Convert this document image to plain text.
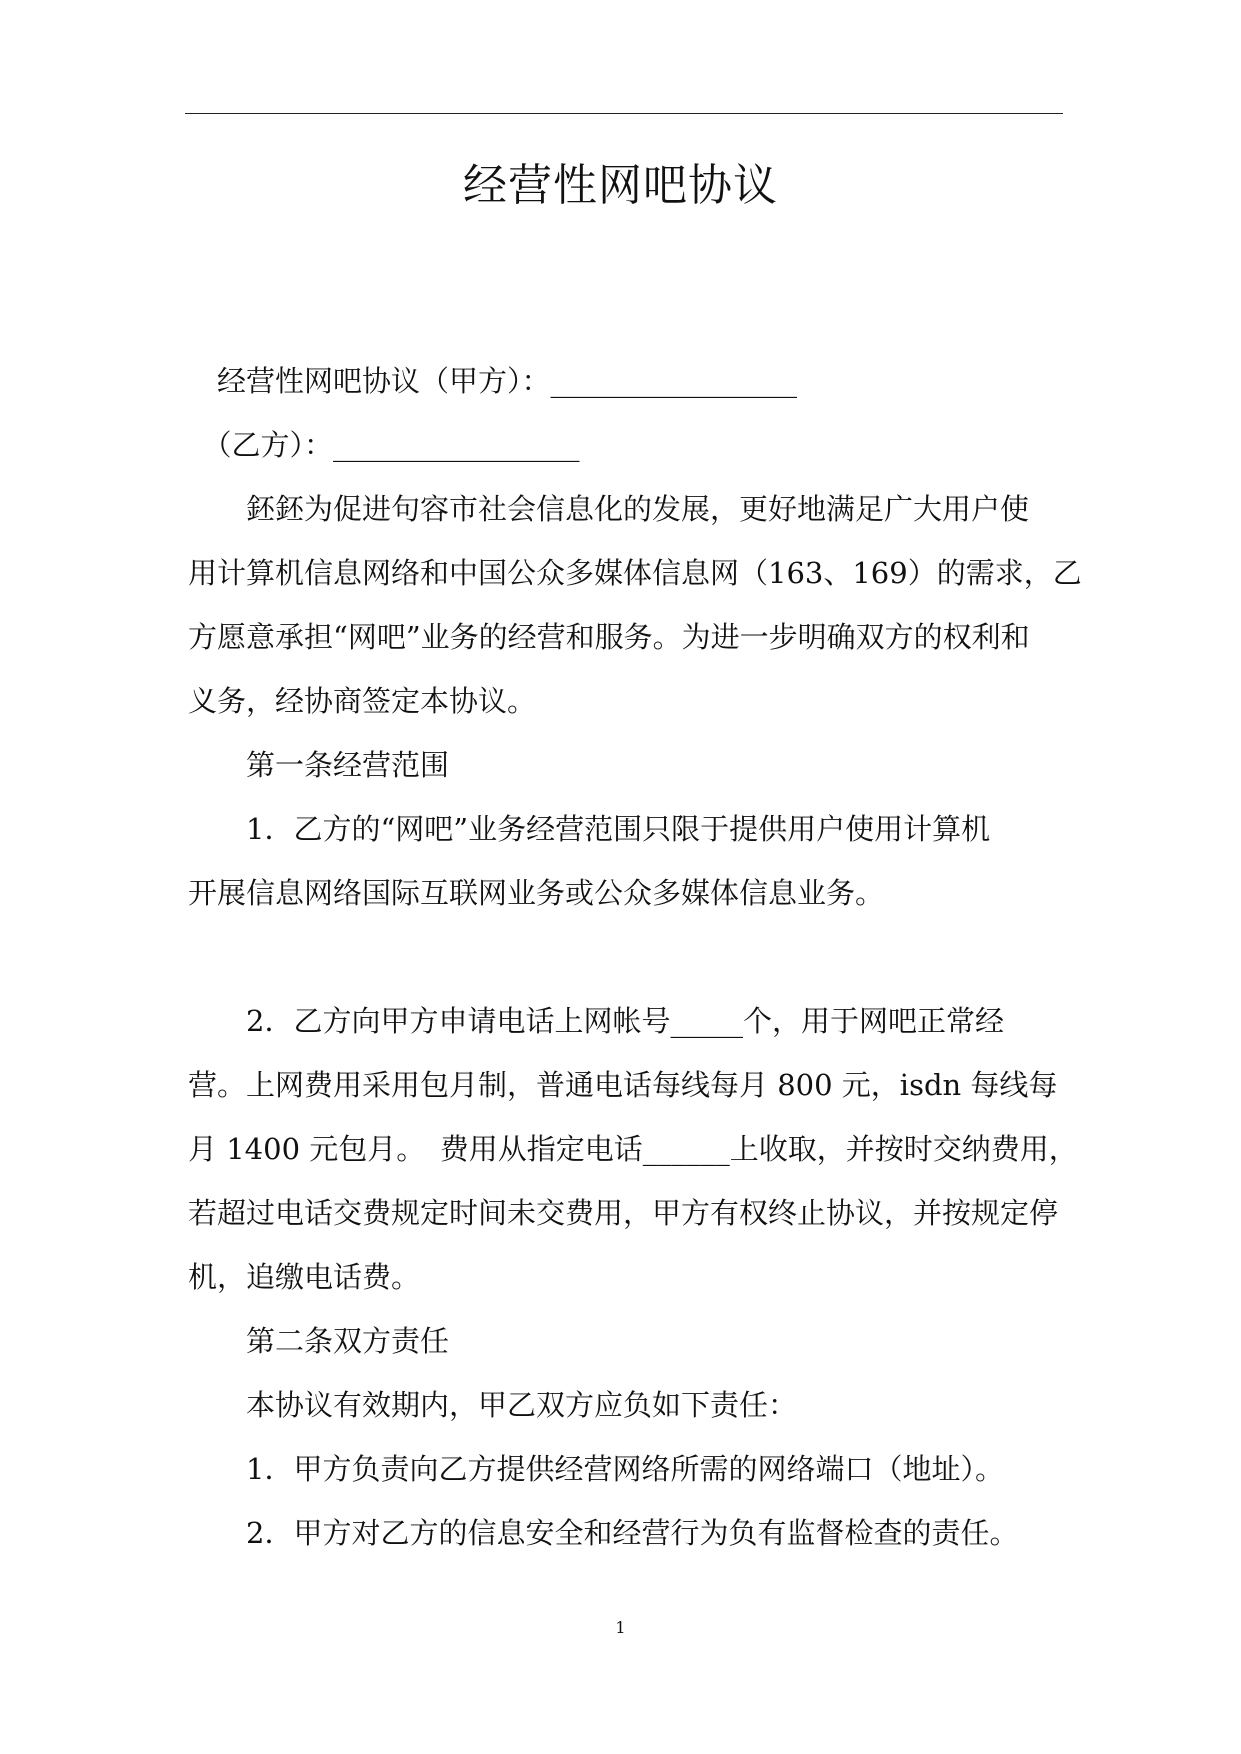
经营性网吧协议
　经营性网吧协议（甲方）：_________________
　（乙方）：_________________
　　鉟鉟为促进句容市社会信息化的发展，更好地满足广大用户使
用计算机信息网络和中国公众多媒体信息网（163、169）的需求，乙
方愿意承担“网吧”业务的经营和服务。为进一步明确双方的权利和
义务，经协商签定本协议。
　　第一条经营范围
　　1．乙方的“网吧”业务经营范围只限于提供用户使用计算机
开展信息网络国际互联网业务或公众多媒体信息业务。
　　2．乙方向甲方申请电话上网帐号_____个，用于网吧正常经
营。上网费用采用包月制，普通电话每线每月 800 元，isdn 每线每
月 1400 元包月。　费用从指定电话______上收取，并按时交纳费用，
若超过电话交费规定时间未交费用，甲方有权终止协议，并按规定停
机，追缴电话费。
　　第二条双方责任
　　本协议有效期内，甲乙双方应负如下责任：
　　1．甲方负责向乙方提供经营网络所需的网络端口（地址）。
　　2．甲方对乙方的信息安全和经营行为负有监督检查的责任。
1
